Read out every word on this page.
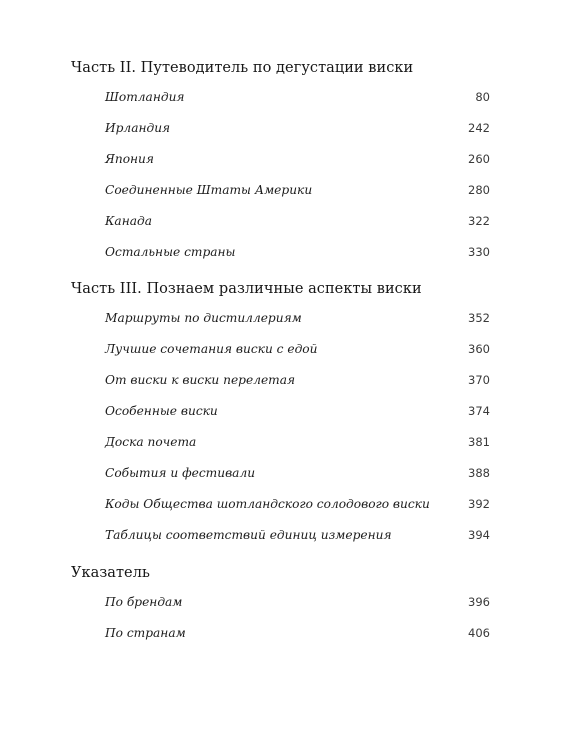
Часть II. Путеводитель по дегустации виски
Шотландия	80
Ирландия	242
Япония	260
Соединенные Штаты Америки	280
Канада	322
Остальные страны	330
Часть III. Познаем различные аспекты виски
Маршруты по дистиллериям	352
Лучшие сочетания виски с едой	360
От виски к виски перелетая	370
Особенные виски	374
Доска почета	381
События и фестивали	388
Коды Общества шотландского солодового виски	392
Таблицы соответствий единиц измерения	394
Указатель
По брендам	396
По странам	406
